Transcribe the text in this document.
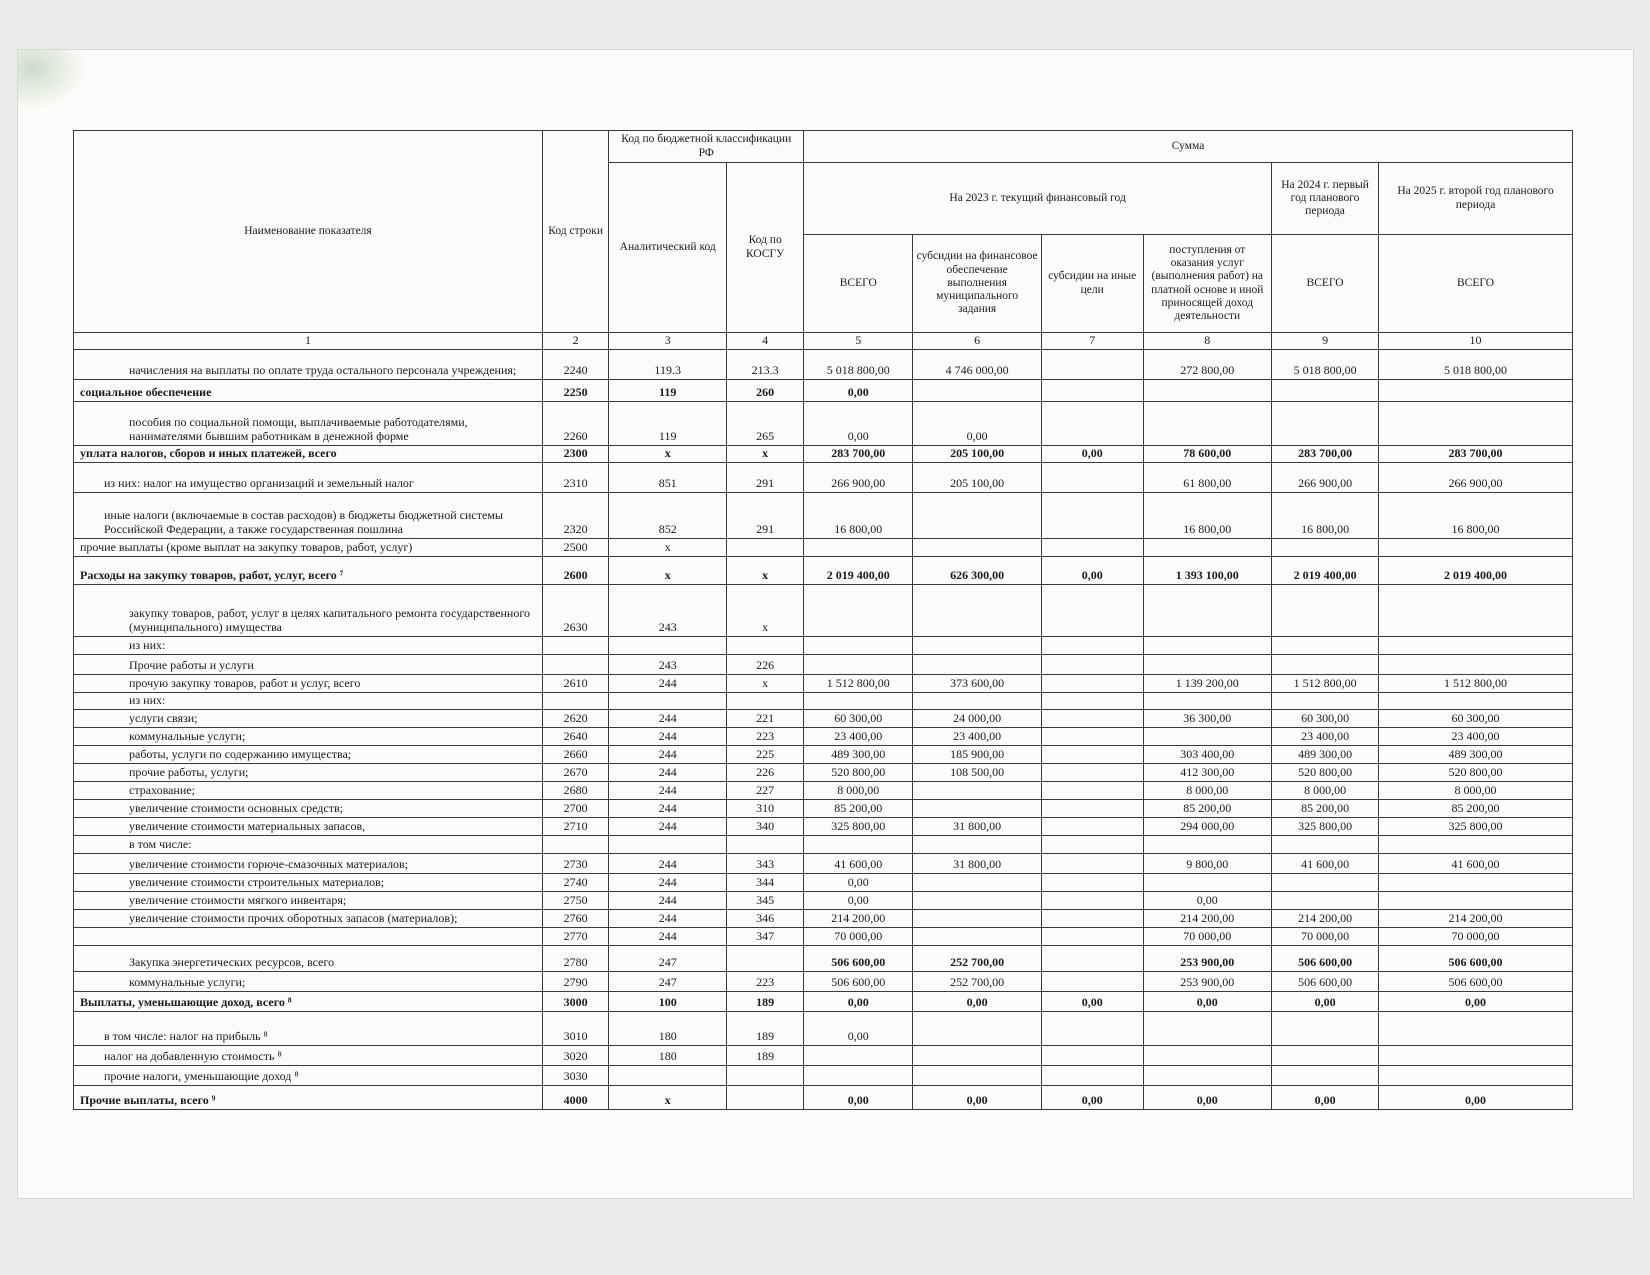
Наименование показателя	Код строки	Код по бюджетной классификации РФ		Сумма					
		Аналитический код	Код по КОСГУ	На 2023 г. текущий финансовый год				На 2024 г. первый год планового периода	На 2025 г. второй год планового периода
				ВСЕГО	субсидии на финансовое обеспечение выполнения муниципального задания	субсидии на иные цели	поступления от оказания услуг (выполнения работ) на платной основе и иной приносящей доход деятельности	ВСЕГО	ВСЕГО
1	2	3	4	5	6	7	8	9	10
начисления на выплаты по оплате труда остального персонала учреждения;	2240	119.3	213.3	5 018 800,00	4 746 000,00		272 800,00	5 018 800,00	5 018 800,00
социальное обеспечение	2250	119	260	0,00					
пособия по социальной помощи, выплачиваемые работодателями, нанимателями бывшим работникам в денежной форме	2260	119	265	0,00	0,00				
уплата налогов, сборов и иных платежей, всего	2300	х	х	283 700,00	205 100,00	0,00	78 600,00	283 700,00	283 700,00
из них: налог на имущество организаций и земельный налог	2310	851	291	266 900,00	205 100,00		61 800,00	266 900,00	266 900,00
иные налоги (включаемые в состав расходов) в бюджеты бюджетной системы Российской Федерации, а также государственная пошлина	2320	852	291	16 800,00			16 800,00	16 800,00	16 800,00
прочие выплаты (кроме выплат на закупку товаров, работ, услуг)	2500	х							
Расходы на закупку товаров, работ, услуг, всего ⁷	2600	х	х	2 019 400,00	626 300,00	0,00	1 393 100,00	2 019 400,00	2 019 400,00
закупку товаров, работ, услуг в целях капитального ремонта государственного (муниципального) имущества	2630	243	х						
из них:									
Прочие работы и услуги		243	226						
прочую закупку товаров, работ и услуг, всего	2610	244	х	1 512 800,00	373 600,00		1 139 200,00	1 512 800,00	1 512 800,00
из них:									
услуги связи;	2620	244	221	60 300,00	24 000,00		36 300,00	60 300,00	60 300,00
коммунальные услуги;	2640	244	223	23 400,00	23 400,00			23 400,00	23 400,00
работы, услуги по содержанию имущества;	2660	244	225	489 300,00	185 900,00		303 400,00	489 300,00	489 300,00
прочие работы, услуги;	2670	244	226	520 800,00	108 500,00		412 300,00	520 800,00	520 800,00
страхование;	2680	244	227	8 000,00			8 000,00	8 000,00	8 000,00
увеличение стоимости основных средств;	2700	244	310	85 200,00			85 200,00	85 200,00	85 200,00
увеличение стоимости материальных запасов,	2710	244	340	325 800,00	31 800,00		294 000,00	325 800,00	325 800,00
в том числе:									
увеличение стоимости горюче-смазочных материалов;	2730	244	343	41 600,00	31 800,00		9 800,00	41 600,00	41 600,00
увеличение стоимости строительных материалов;	2740	244	344	0,00					
увеличение стоимости мягкого инвентаря;	2750	244	345	0,00			0,00		
увеличение стоимости прочих оборотных запасов (материалов);	2760	244	346	214 200,00			214 200,00	214 200,00	214 200,00
	2770	244	347	70 000,00			70 000,00	70 000,00	70 000,00
Закупка энергетических ресурсов, всего	2780	247		506 600,00	252 700,00		253 900,00	506 600,00	506 600,00
коммунальные услуги;	2790	247	223	506 600,00	252 700,00		253 900,00	506 600,00	506 600,00
Выплаты, уменьшающие доход, всего ⁸	3000	100	189	0,00	0,00	0,00	0,00	0,00	0,00
в том числе: налог на прибыль ⁸	3010	180	189	0,00					
налог на добавленную стоимость ⁸	3020	180	189						
прочие налоги, уменьшающие доход ⁸	3030								
Прочие выплаты, всего ⁹	4000	х		0,00	0,00	0,00	0,00	0,00	0,00
